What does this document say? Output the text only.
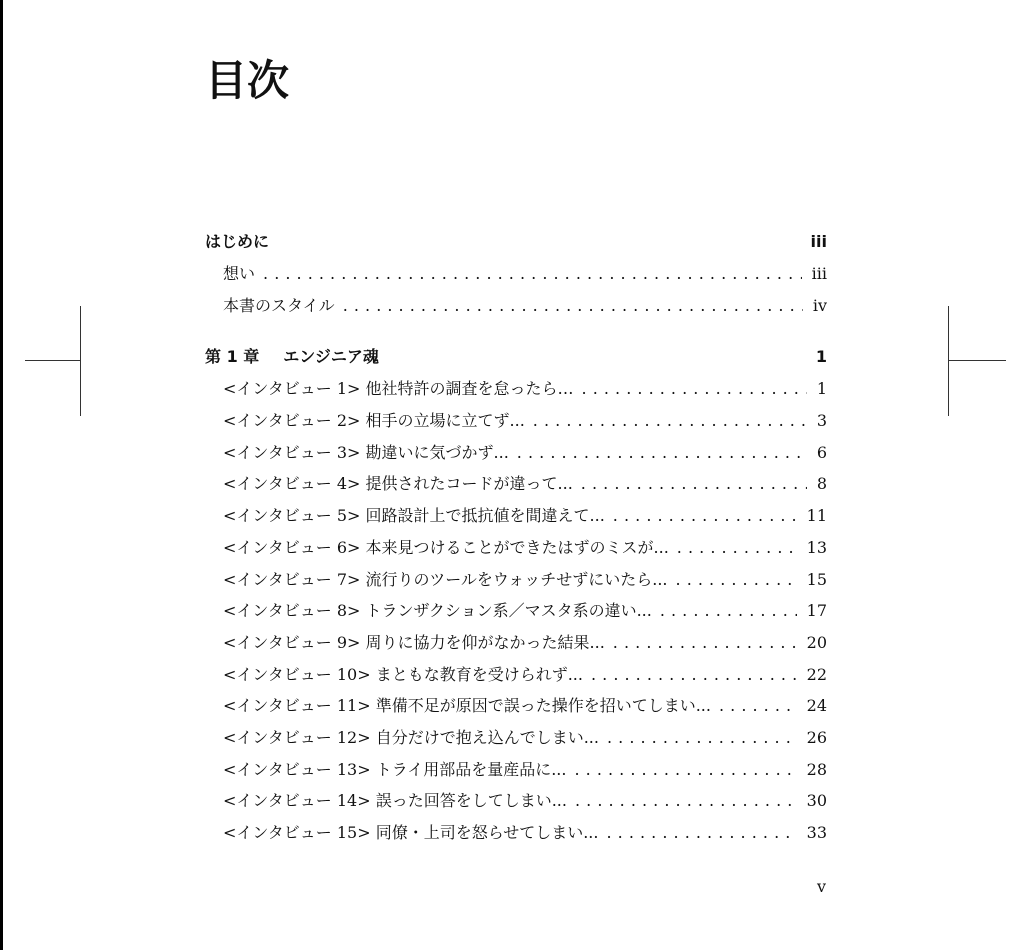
目次
はじめに	iii
想い . . .	iii
本書のスタイル . . .	iv
第 1 章 エンジニア魂	1
<インタビュー 1> 他社特許の調査を怠ったら… . . .	1
<インタビュー 2> 相手の立場に立てず... . . .	3
<インタビュー 3> 勘違いに気づかず... . . .	6
<インタビュー 4> 提供されたコードが違って... . . .	8
<インタビュー 5> 回路設計上で抵抗値を間違えて... . . .	11
<インタビュー 6> 本来見つけることができたはずのミスが... . . .	13
<インタビュー 7> 流行りのツールをウォッチせずにいたら... . . .	15
<インタビュー 8> トランザクション系／マスタ系の違い... . . .	17
<インタビュー 9> 周りに協力を仰がなかった結果... . . .	20
<インタビュー 10> まともな教育を受けられず... . . .	22
<インタビュー 11> 準備不足が原因で誤った操作を招いてしまい... . . .	24
<インタビュー 12> 自分だけで抱え込んでしまい... . . .	26
<インタビュー 13> トライ用部品を量産品に... . . .	28
<インタビュー 14> 誤った回答をしてしまい... . . .	30
<インタビュー 15> 同僚・上司を怒らせてしまい... . . .	33
v
